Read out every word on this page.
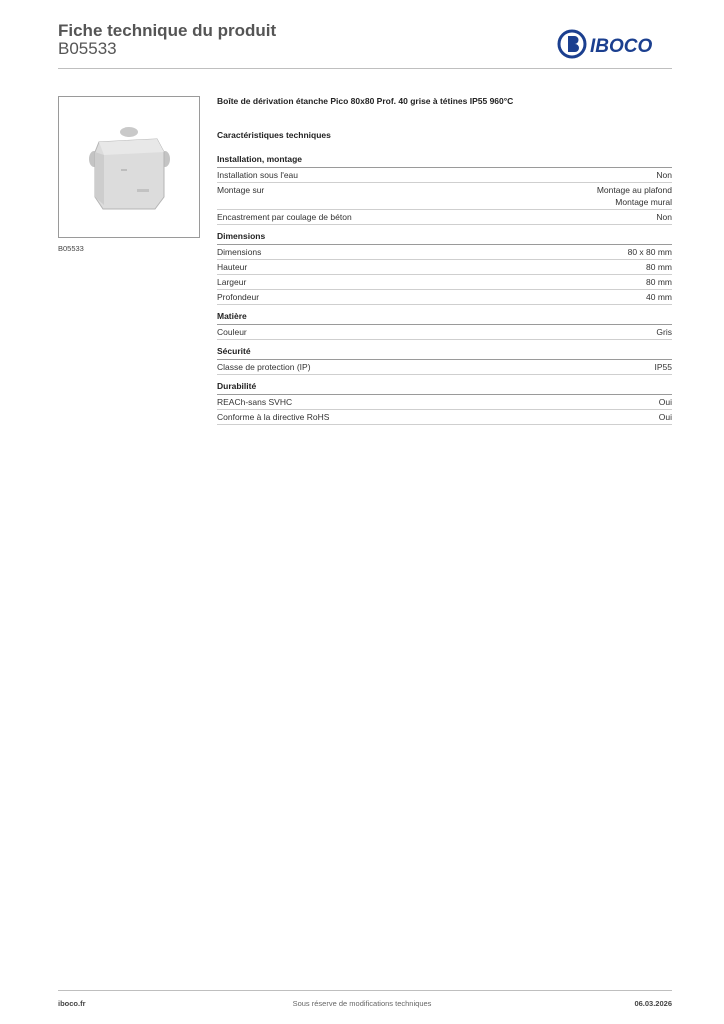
Fiche technique du produit
B05533	IBOCO
B05533
Boîte de dérivation étanche Pico 80x80 Prof. 40 grise à tétines IP55 960°C
Caractéristiques techniques
Installation, montage
Installation sous l'eau	Non
Montage sur	Montage au plafond
Montage mural
Encastrement par coulage de béton	Non
Dimensions
Dimensions	80 x 80 mm
Hauteur	80 mm
Largeur	80 mm
Profondeur	40 mm
Matière
Couleur	Gris
Sécurité
Classe de protection (IP)	IP55
Durabilité
REACh-sans SVHC	Oui
Conforme à la directive RoHS	Oui
iboco.fr	Sous réserve de modifications techniques	06.03.2026
